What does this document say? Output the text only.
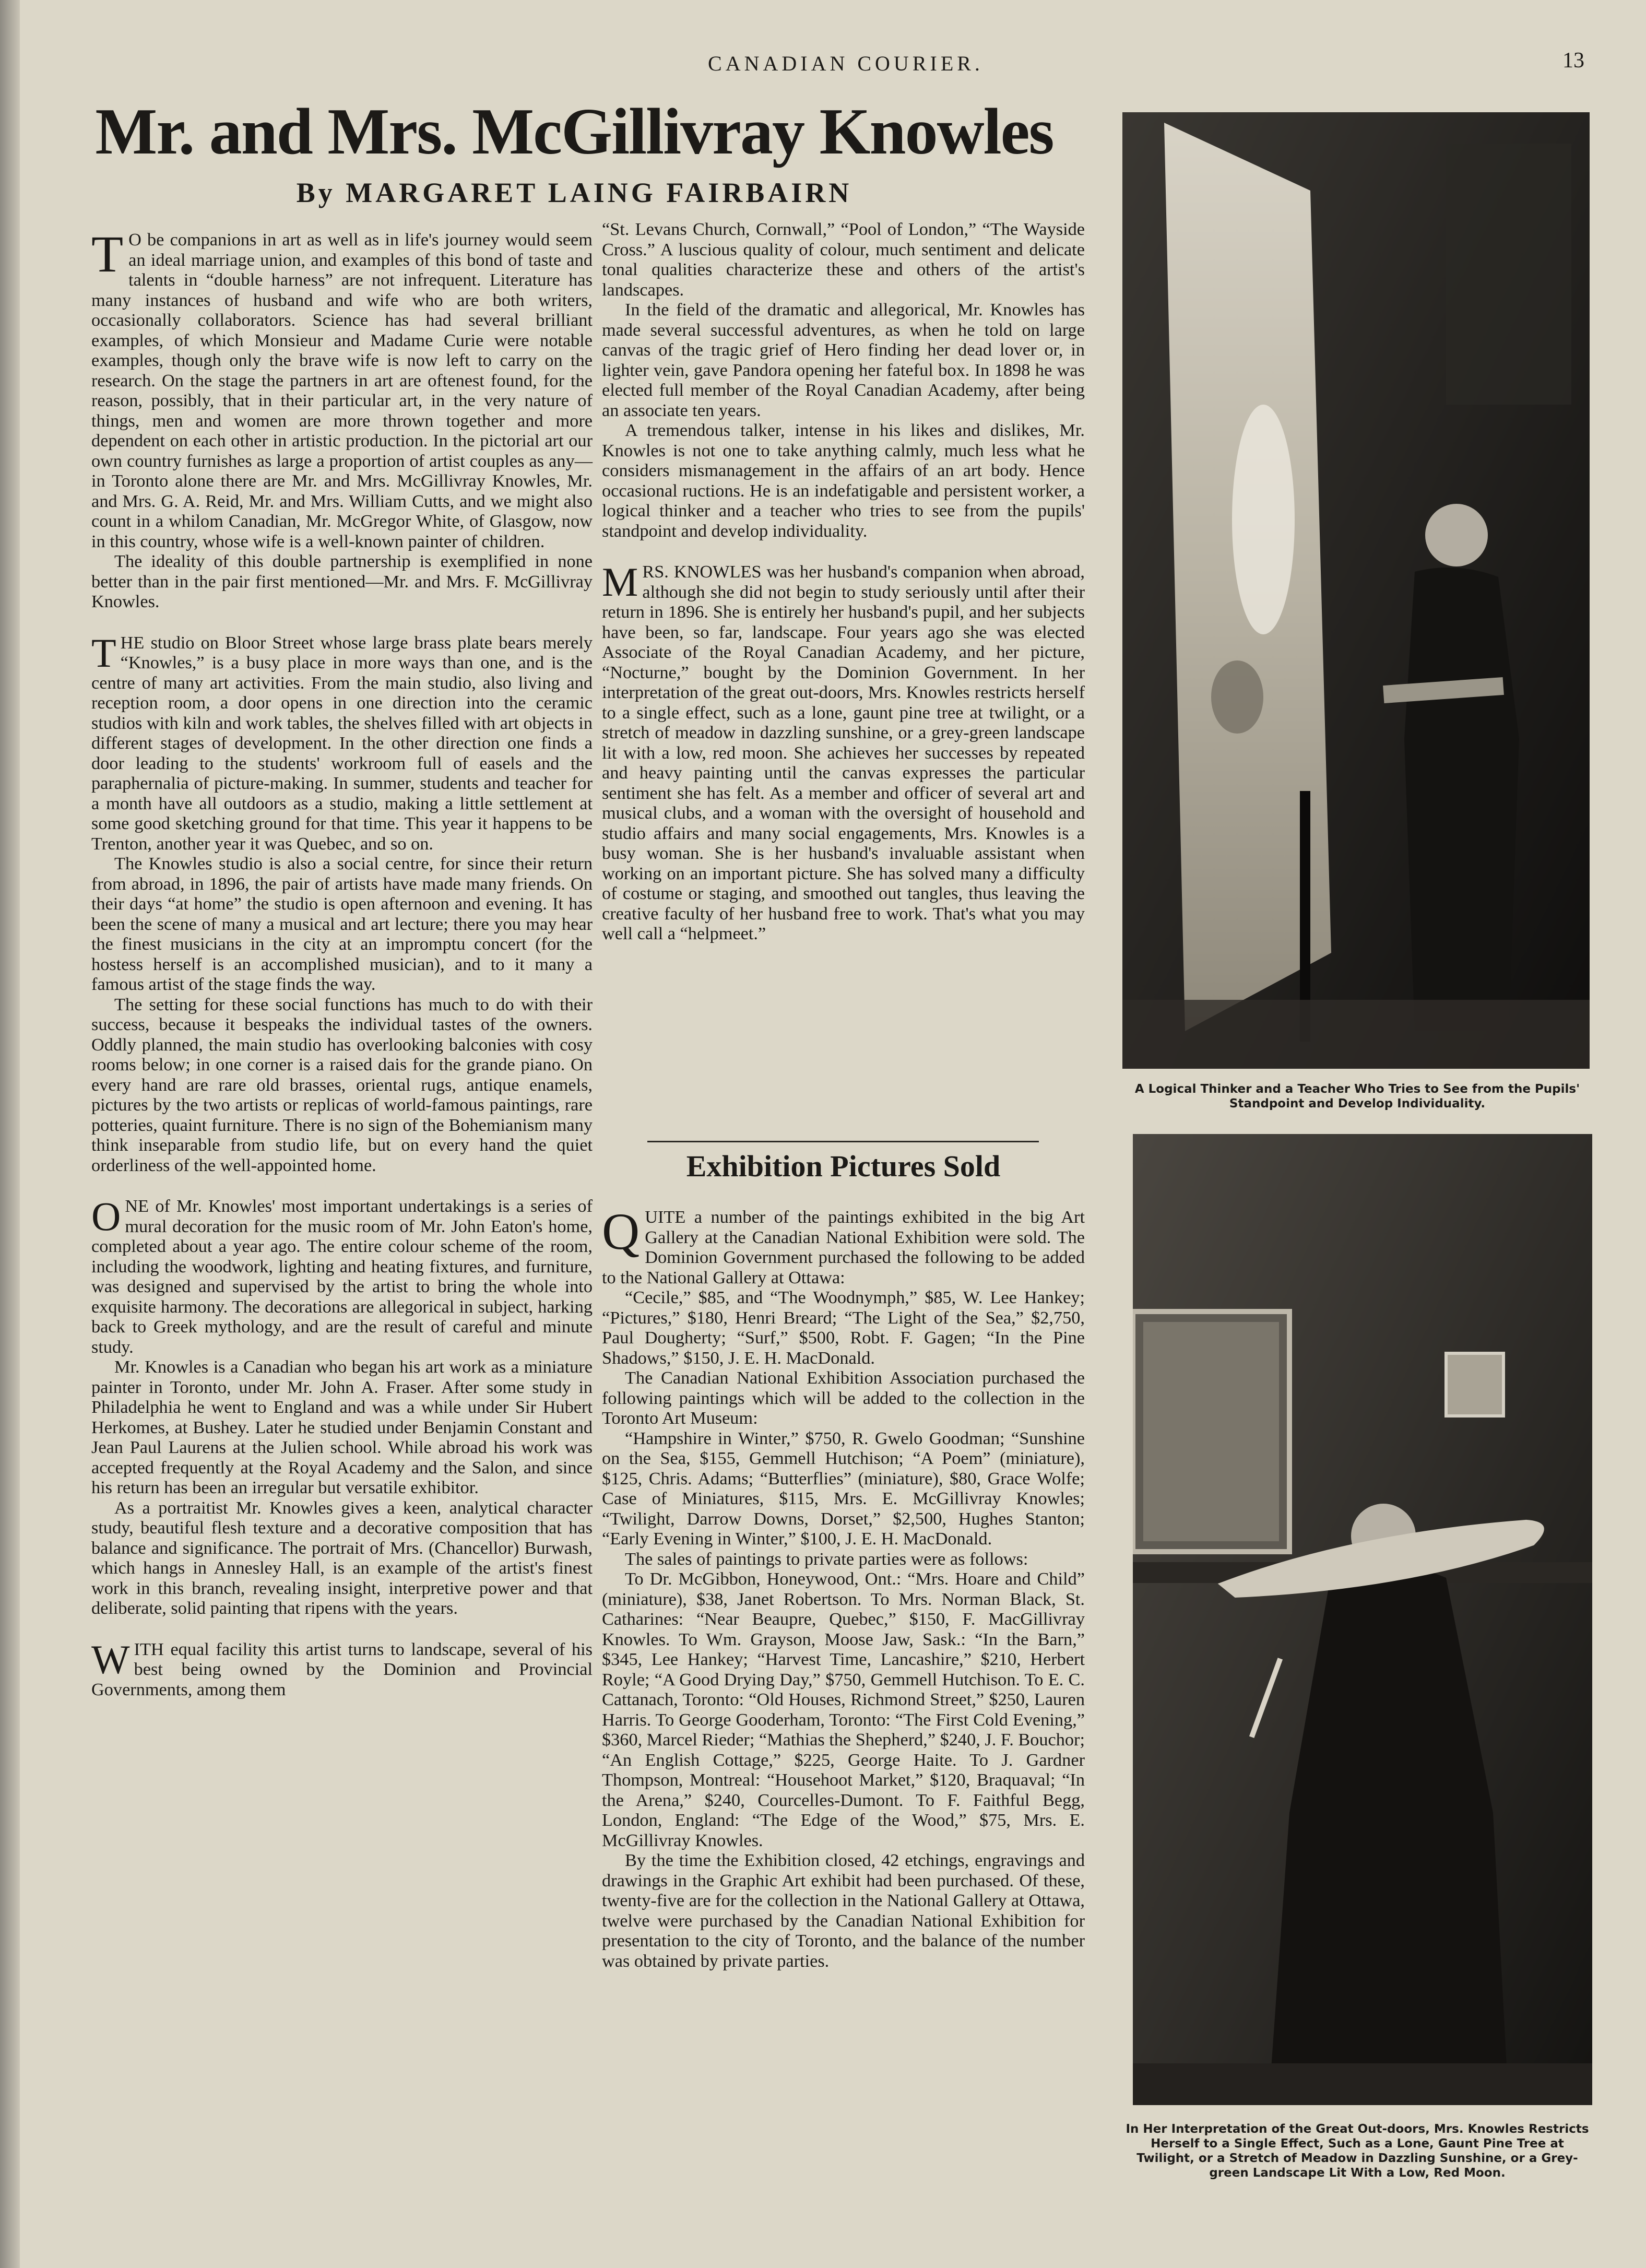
CANADIAN COURIER.	13
Mr. and Mrs. McGillivray Knowles
By MARGARET LAING FAIRBAIRN

T O be companions in art as well as in life's journey would seem an ideal marriage union, and examples of this bond of taste and talents in “double harness” are not infrequent. Literature has many instances of husband and wife who are both writers, occasionally collaborators. Science has had several brilliant examples, of which Monsieur and Madame Curie were notable examples, though only the brave wife is now left to carry on the research. On the stage the partners in art are oftenest found, for the reason, possibly, that in their particular art, in the very nature of things, men and women are more thrown together and more dependent on each other in artistic production. In the pictorial art our own country furnishes as large a proportion of artist couples as any—in Toronto alone there are Mr. and Mrs. McGillivray Knowles, Mr. and Mrs. G. A. Reid, Mr. and Mrs. William Cutts, and we might also count in a whilom Canadian, Mr. McGregor White, of Glasgow, now in this country, whose wife is a well-known painter of children.

The ideality of this double partnership is exemplified in none better than in the pair first mentioned—Mr. and Mrs. F. McGillivray Knowles.

THE studio on Bloor Street whose large brass plate bears merely “Knowles,” is a busy place in more ways than one, and is the centre of many art activities. From the main studio, also living and reception room, a door opens in one direction into the ceramic studios with kiln and work tables, the shelves filled with art objects in different stages of development. In the other direction one finds a door leading to the students' workroom full of easels and the paraphernalia of picture-making. In summer, students and teacher for a month have all outdoors as a studio, making a little settlement at some good sketching ground for that time. This year it happens to be Trenton, another year it was Quebec, and so on.

The Knowles studio is also a social centre, for since their return from abroad, in 1896, the pair of artists have made many friends. On their days “at home” the studio is open afternoon and evening. It has been the scene of many a musical and art lecture; there you may hear the finest musicians in the city at an impromptu concert (for the hostess herself is an accomplished musician), and to it many a famous artist of the stage finds the way.

The setting for these social functions has much to do with their success, because it bespeaks the individual tastes of the owners. Oddly planned, the main studio has overlooking balconies with cosy rooms below; in one corner is a raised dais for the grande piano. On every hand are rare old brasses, oriental rugs, antique enamels, pictures by the two artists or replicas of world-famous paintings, rare potteries, quaint furniture. There is no sign of the Bohemianism many think inseparable from studio life, but on every hand the quiet orderliness of the well-appointed home.

ONE of Mr. Knowles' most important undertakings is a series of mural decoration for the music room of Mr. John Eaton's home, completed about a year ago. The entire colour scheme of the room, including the woodwork, lighting and heating fixtures, and furniture, was designed and supervised by the artist to bring the whole into exquisite harmony. The decorations are allegorical in subject, harking back to Greek mythology, and are the result of careful and minute study.

Mr. Knowles is a Canadian who began his art work as a miniature painter in Toronto, under Mr. John A. Fraser. After some study in Philadelphia he went to England and was a while under Sir Hubert Herkomes, at Bushey. Later he studied under Benjamin Constant and Jean Paul Laurens at the Julien school. While abroad his work was accepted frequently at the Royal Academy and the Salon, and since his return has been an irregular but versatile exhibitor.

As a portraitist Mr. Knowles gives a keen, analytical character study, beautiful flesh texture and a decorative composition that has balance and significance. The portrait of Mrs. (Chancellor) Burwash, which hangs in Annesley Hall, is an example of the artist's finest work in this branch, revealing insight, interpretive power and that deliberate, solid painting that ripens with the years.

WITH equal facility this artist turns to landscape, several of his best being owned by the Dominion and Provincial Governments, among them

“St. Levans Church, Cornwall,” “Pool of London,” “The Wayside Cross.” A luscious quality of colour, much sentiment and delicate tonal qualities characterize these and others of the artist's landscapes.

In the field of the dramatic and allegorical, Mr. Knowles has made several successful adventures, as when he told on large canvas of the tragic grief of Hero finding her dead lover or, in lighter vein, gave Pandora opening her fateful box. In 1898 he was elected full member of the Royal Canadian Academy, after being an associate ten years.

A tremendous talker, intense in his likes and dislikes, Mr. Knowles is not one to take anything calmly, much less what he considers mismanagement in the affairs of an art body. Hence occasional ructions. He is an indefatigable and persistent worker, a logical thinker and a teacher who tries to see from the pupils' standpoint and develop individuality.

MRS. KNOWLES was her husband's companion when abroad, although she did not begin to study seriously until after their return in 1896. She is entirely her husband's pupil, and her subjects have been, so far, landscape. Four years ago she was elected Associate of the Royal Canadian Academy, and her picture, “Nocturne,” bought by the Dominion Government. In her interpretation of the great out-doors, Mrs. Knowles restricts herself to a single effect, such as a lone, gaunt pine tree at twilight, or a stretch of meadow in dazzling sunshine, or a grey-green landscape lit with a low, red moon. She achieves her successes by repeated and heavy painting until the canvas expresses the particular sentiment she has felt. As a member and officer of several art and musical clubs, and a woman with the oversight of household and studio affairs and many social engagements, Mrs. Knowles is a busy woman. She is her husband's invaluable assistant when working on an important picture. She has solved many a difficulty of costume or staging, and smoothed out tangles, thus leaving the creative faculty of her husband free to work. That's what you may well call a “helpmeet.”

Exhibition Pictures Sold

QUITE a number of the paintings exhibited in the big Art Gallery at the Canadian National Exhibition were sold. The Dominion Government purchased the following to be added to the National Gallery at Ottawa:

“Cecile,” $85, and “The Woodnymph,” $85, W. Lee Hankey; “Pictures,” $180, Henri Breard; “The Light of the Sea,” $2,750, Paul Dougherty; “Surf,” $500, Robt. F. Gagen; “In the Pine Shadows,” $150, J. E. H. MacDonald.

The Canadian National Exhibition Association purchased the following paintings which will be added to the collection in the Toronto Art Museum:

“Hampshire in Winter,” $750, R. Gwelo Goodman; “Sunshine on the Sea, $155, Gemmell Hutchison; “A Poem” (miniature), $125, Chris. Adams; “Butterflies” (miniature), $80, Grace Wolfe; Case of Miniatures, $115, Mrs. E. McGillivray Knowles; “Twilight, Darrow Downs, Dorset,” $2,500, Hughes Stanton; “Early Evening in Winter,” $100, J. E. H. MacDonald.

The sales of paintings to private parties were as follows:

To Dr. McGibbon, Honeywood, Ont.: “Mrs. Hoare and Child” (miniature), $38, Janet Robertson. To Mrs. Norman Black, St. Catharines: “Near Beaupre, Quebec,” $150, F. MacGillivray Knowles. To Wm. Grayson, Moose Jaw, Sask.: “In the Barn,” $345, Lee Hankey; “Harvest Time, Lancashire,” $210, Herbert Royle; “A Good Drying Day,” $750, Gemmell Hutchison. To E. C. Cattanach, Toronto: “Old Houses, Richmond Street,” $250, Lauren Harris. To George Gooderham, Toronto: “The First Cold Evening,” $360, Marcel Rieder; “Mathias the Shepherd,” $240, J. F. Bouchor; “An English Cottage,” $225, George Haite. To J. Gardner Thompson, Montreal: “Househoot Market,” $120, Braquaval; “In the Arena,” $240, Courcelles-Dumont. To F. Faithful Begg, London, England: “The Edge of the Wood,” $75, Mrs. E. McGillivray Knowles.

By the time the Exhibition closed, 42 etchings, engravings and drawings in the Graphic Art exhibit had been purchased. Of these, twenty-five are for the collection in the National Gallery at Ottawa, twelve were purchased by the Canadian National Exhibition for presentation to the city of Toronto, and the balance of the number was obtained by private parties.

A Logical Thinker and a Teacher Who Tries to See from the Pupils' Standpoint and Develop Individuality.
In Her Interpretation of the Great Out-doors, Mrs. Knowles Restricts Herself to a Single Effect, Such as a Lone, Gaunt Pine Tree at Twilight, or a Stretch of Meadow in Dazzling Sunshine, or a Grey-green Landscape Lit With a Low, Red Moon.
